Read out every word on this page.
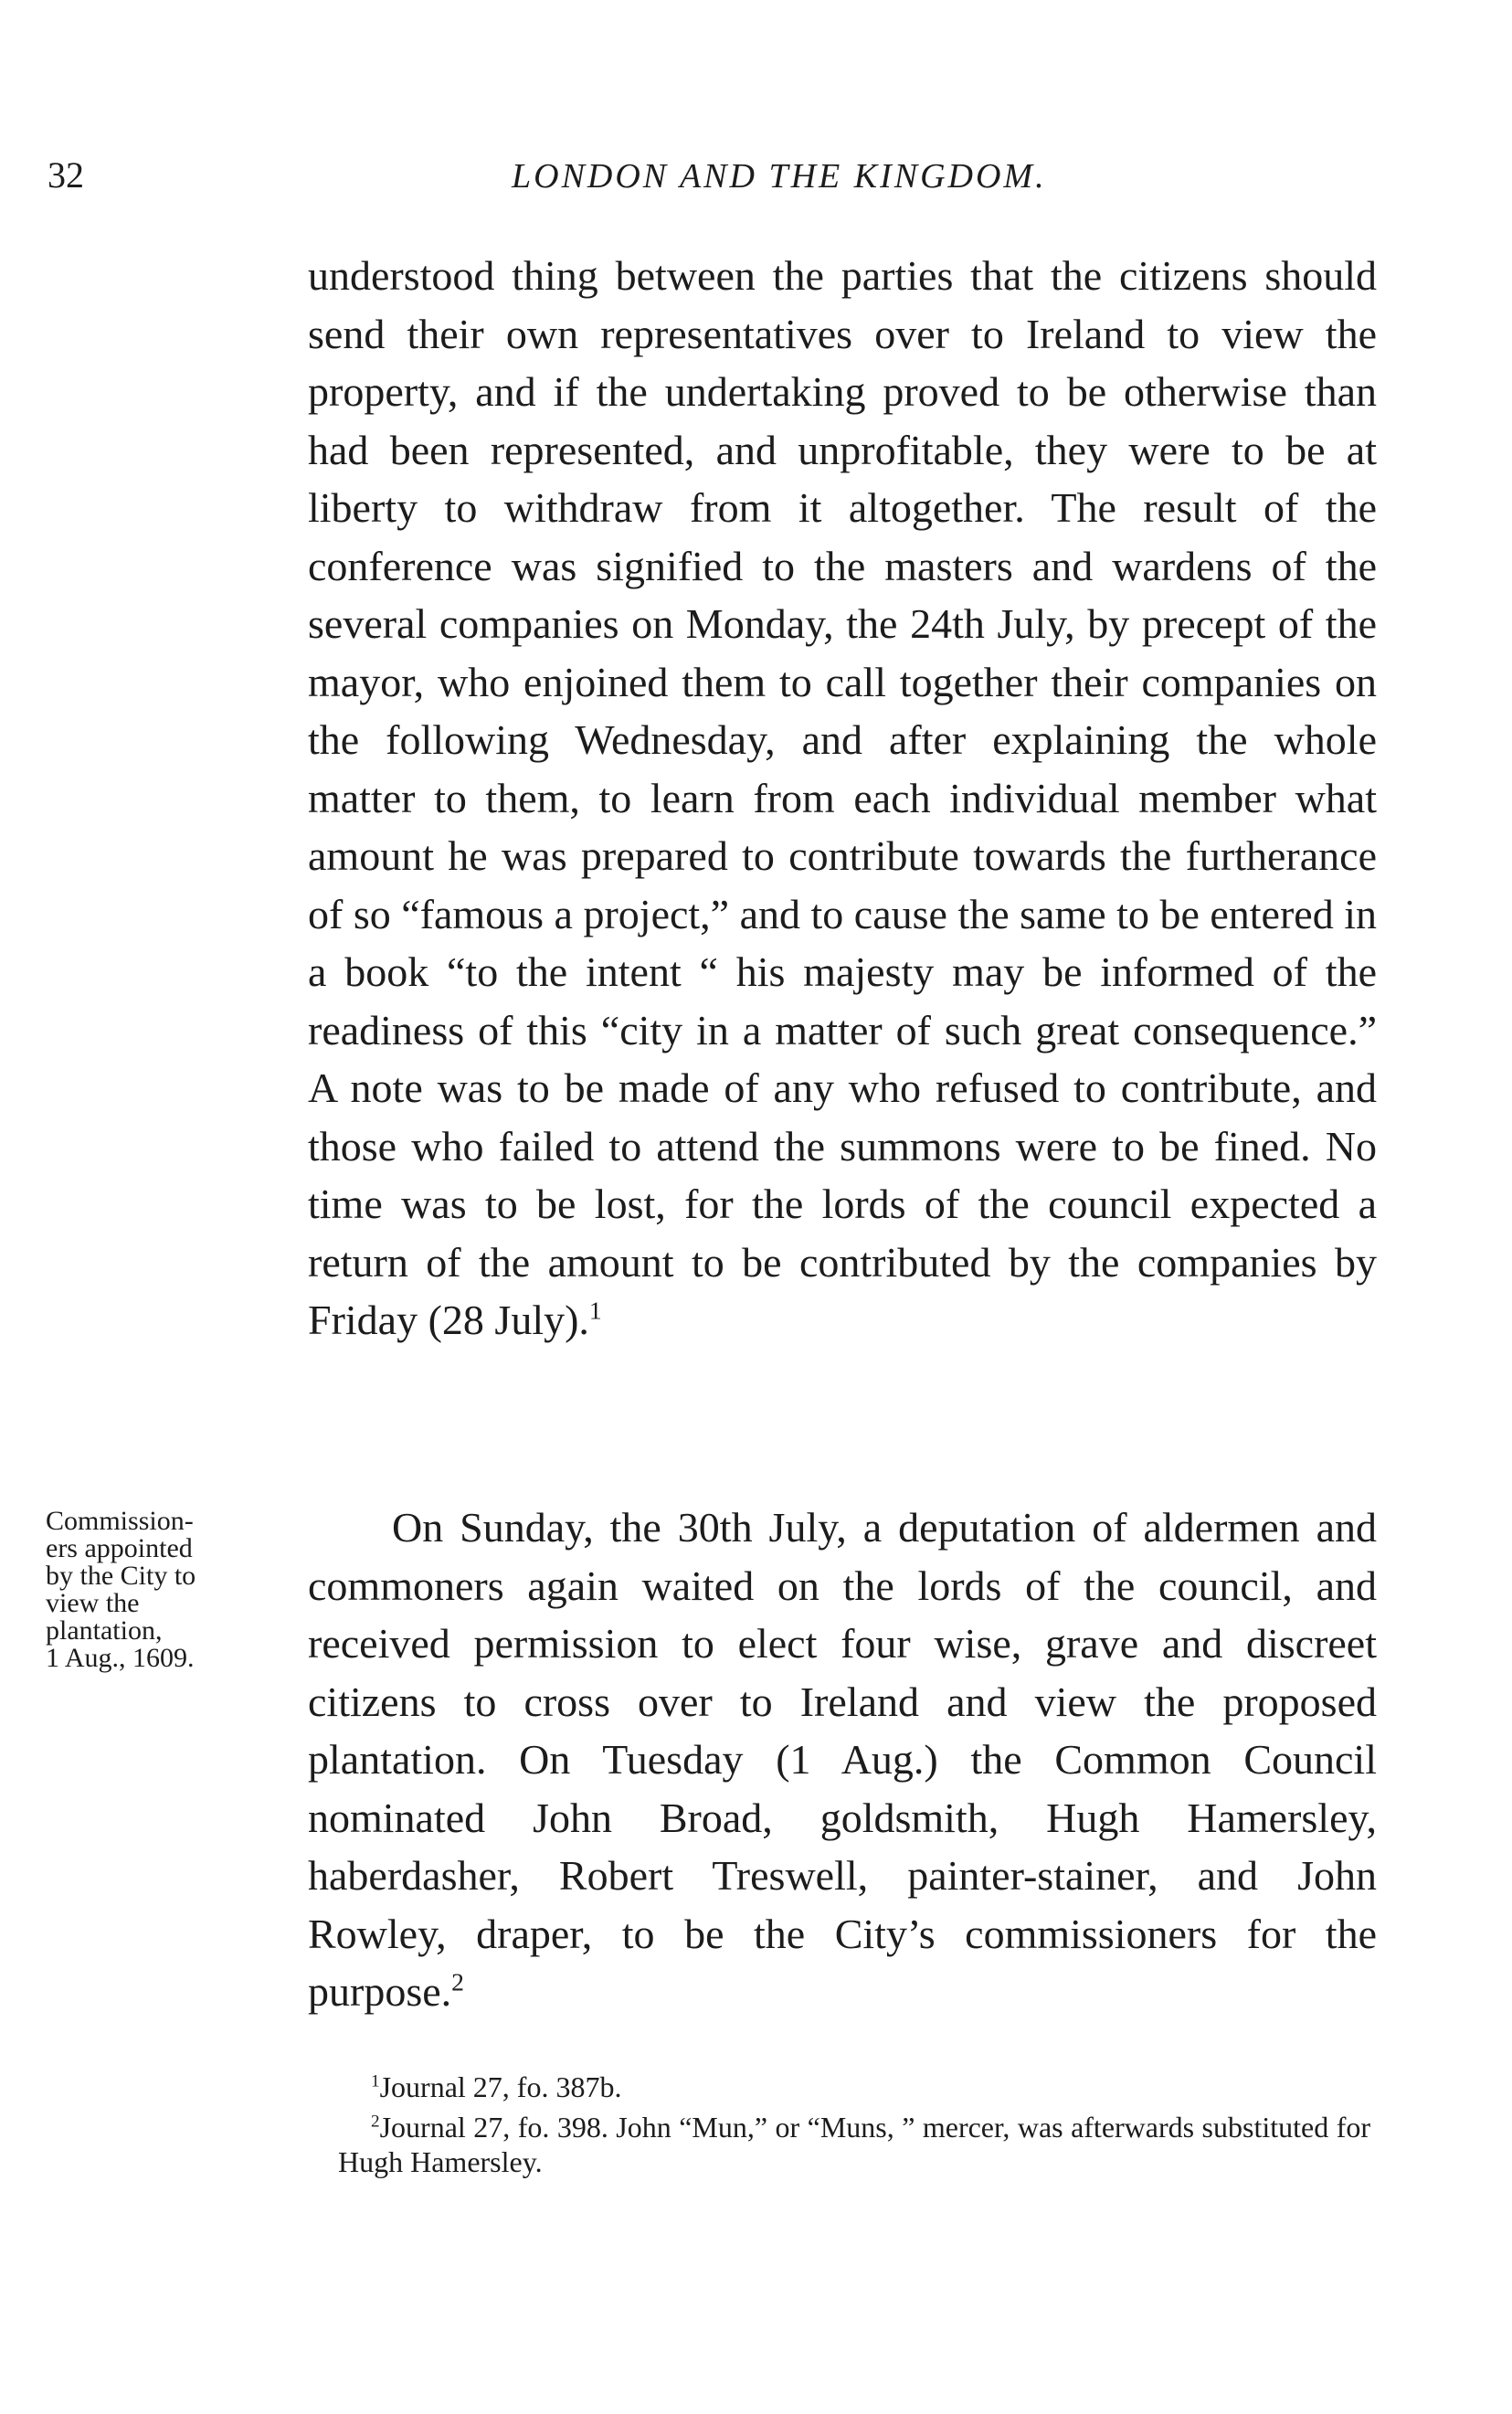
32	LONDON AND THE KINGDOM.

understood thing between the parties that the citizens should send their own representatives over to Ireland to view the property, and if the undertaking proved to be otherwise than had been represented, and unprofitable, they were to be at liberty to withdraw from it altogether. The result of the conference was signified to the masters and wardens of the several companies on Monday, the 24th July, by precept of the mayor, who enjoined them to call together their companies on the following Wednesday, and after explaining the whole matter to them, to learn from each individual member what amount he was prepared to contribute towards the furtherance of so “famous a project,” and to cause the same to be entered in a book “to the intent “ his majesty may be informed of the readiness of this “city in a matter of such great consequence.” A note was to be made of any who refused to contribute, and those who failed to attend the summons were to be fined. No time was to be lost, for the lords of the council expected a return of the amount to be contributed by the companies by Friday (28 July).$^1$

Commission-
ers appointed
by the City to
view the
plantation,
1 Aug., 1609.

On Sunday, the 30th July, a deputation of aldermen and commoners again waited on the lords of the council, and received permission to elect four wise, grave and discreet citizens to cross over to Ireland and view the proposed plantation. On Tuesday (1 Aug.) the Common Council nominated John Broad, goldsmith, Hugh Hamersley, haberdasher, Robert Treswell, painter-stainer, and John Rowley, draper, to be the City’s commissioners for the purpose.$^2$

$^1$Journal 27, fo. 387b.

$^2$Journal 27, fo. 398. John “Mun,” or “Muns, ” mercer, was afterwards substituted for Hugh Hamersley.
